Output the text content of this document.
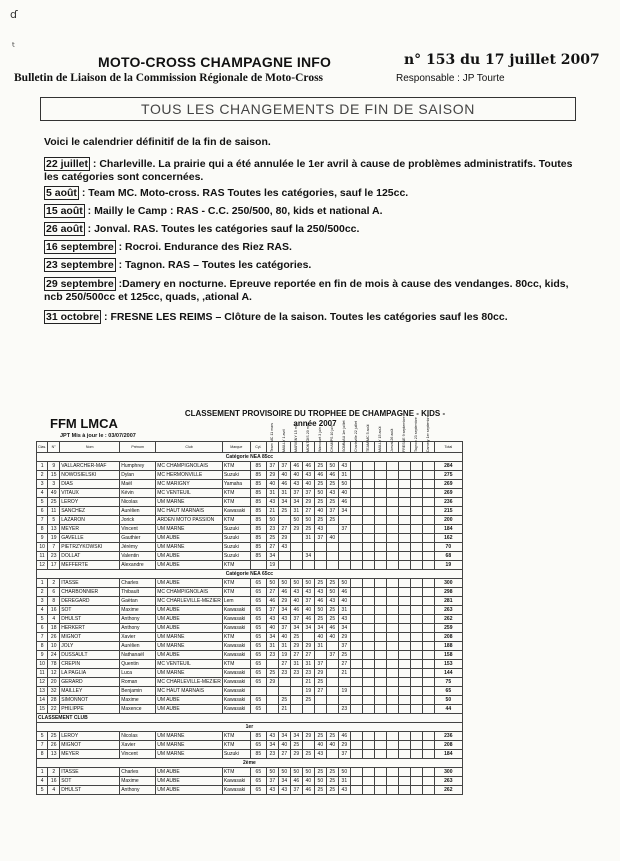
ɗ
ᵗ
MOTO-CROSS CHAMPAGNE INFO	n° 153 du 17 juillet 2007
Bulletin de Liaison de la Commission Régionale de Moto-Cross	Responsable : JP Tourte
TOUS LES CHANGEMENTS DE FIN DE SAISON
Voici le calendrier définitif de la fin de saison.
22 juillet : Charleville. La prairie qui a été annulée le 1er avril à cause de problèmes administratifs. Toutes les catégories sont concernées.
5 août : Team MC. Moto-cross. RAS Toutes les catégories, sauf le 125cc.
15 août : Mailly le Camp : RAS - C.C. 250/500, 80, kids et national A.
26 août : Jonval. RAS. Toutes les catégories sauf la 250/500cc.
16 septembre : Rocroi. Endurance des Riez RAS.
23 septembre : Tagnon. RAS – Toutes les catégories.
29 septembre :Damery en nocturne. Epreuve reportée en fin de mois à cause des vendanges. 80cc, kids, ncb 250/500cc et 125cc, quads, ,ational A.
31 octobre : FRESNE LES REIMS – Clôture de la saison. Toutes les catégories sauf les 80cc.
FFM LMCA
CLASSEMENT PROVISOIRE DU TROPHEE DE CHAMPAGNE - KIDS - année 2007
JPT Mis à jour le : 03/07/2007
Clas.	N°	Nom	Prénom	Club	Marque	Cyl.	Team MC 11 mars	MAILLY 1 avril	MARIGNY 15 mai	MONTOIS 20 mai	Wancourt 3 juin	CHAMPS 10 juin	SOMMAU 1er juillet	Charleville 22 juillet	TEAM MC 5 août	MAILLY 15 août	Jonval 26 août	FRESNE 9 septembre	Tagnon 23 septembre	Damery 1er septembre	Total
Catégorie NEA 85cc																					
1	9	VALLARCHER-MAF	Humphrey	MC CHAMPIGNOLAIS	KTM	85	37	37	46	46	25	50	43								284
2	15	NOWOSIELSKI	Dylan	MC HERMONVILLE	Suzuki	85	29	40	40	43	46	46	31								275
3	3	DIAS	Maël	MC MARIGNY	Yamaha	85	40	46	43	40	25	25	50								269
4	49	VITAUX	Kévin	MC VENTEUIL	KTM	85	31	31	37	37	50	43	40								269
5	25	LEROY	Nicolas	UM MARNE	KTM	85	43	34	34	29	25	25	46								236
6	11	SANCHEZ	Aurélien	MC HAUT MARNAIS	Kawasaki	85	21	25	31	27	40	37	34								215
7	5	LAZARON	Jorick	ARDEN MOTO PASSION	KTM	85	50		50	50	25	25									200
8	13	MEYER	Vincent	UM MARNE	Suzuki	85	23	27	29	25	43		37								184
9	19	GAVELLE	Gauthier	UM AUBE	Suzuki	85	25	29		31	37	40									162
10	7	PIETRZYKOWSKI	Jérémy	UM MARNE	Suzuki	85	27	43													70
11	23	DOLLAT	Valentin	UM AUBE	Suzuki	85	34			34											68
12	17	MEFFERTE	Alexandre	UM AUBE	KTM		19														19
Catégorie NEA 65cc																					
1	2	ITASSE	Charles	UM AUBE	KTM	65	50	50	50	50	25	25	50								300
2	6	CHARBONNIER	Thibault	MC CHAMPIGNOLAIS	KTM	65	27	46	43	43	43	50	46								298
3	8	DEREGARD	Gaëtan	MC CHARLEVILLE-MEZIER	Lem	65	46	29	40	37	46	43	40								281
4	16	SOT	Maxime	UM AUBE	Kawasaki	65	37	34	46	40	50	25	31								263
5	4	DHULST	Anthony	UM AUBE	Kawasaki	65	43	43	37	46	25	25	43								262
6	18	HERKERT	Anthony	UM AUBE	Kawasaki	65	40	37	34	34	34	46	34								259
7	26	MIGNOT	Xavier	UM MARNE	KTM	65	34	40	25		40	40	29								208
8	10	JOLY	Aurélien	UM MARNE	Kawasaki	65	31	31	29	29	31		37								188
9	24	DUSSAULT	Nathanaël	UM AUBE	Kawasaki	65	23	19	27	27		37	25								158
10	78	CREPIN	Quentin	MC VENTEUIL	KTM	65		27	31	31	37		27								153
11	12	LA PAGLIA	Luca	UM MARNE	Kawasaki	65	25	23	23	23	29		21								144
12	20	GERARD	Roman	MC CHARLEVILLE-MEZIER	Kawasaki	65	29			21	25										75
13	32	MAILLEY	Benjamin	MC HAUT MARNAIS	Kawasaki					19	27		19								65
14	28	SIMONNOT	Maxime	UM AUBE	Kawasaki	65		25		25											50
15	22	PHILIPPE	Maxence	UM AUBE	Kawasaki	65		21					23								44
CLASSEMENT CLUB																					
1er																					
5	25	LEROY	Nicolas	UM MARNE	KTM	85	43	34	34	29	25	25	46								236
7	26	MIGNOT	Xavier	UM MARNE	KTM	65	34	40	25		40	40	29								208
8	13	MEYER	Vincent	UM MARNE	Suzuki	85	23	27	29	25	43		37								184
2ème																					
1	2	ITASSE	Charles	UM AUBE	KTM	65	50	50	50	50	25	25	50								300
4	16	SOT	Maxime	UM AUBE	Kawasaki	65	37	34	46	40	50	25	31								263
5	4	DHULST	Anthony	UM AUBE	Kawasaki	65	43	43	37	46	25	25	43								262
